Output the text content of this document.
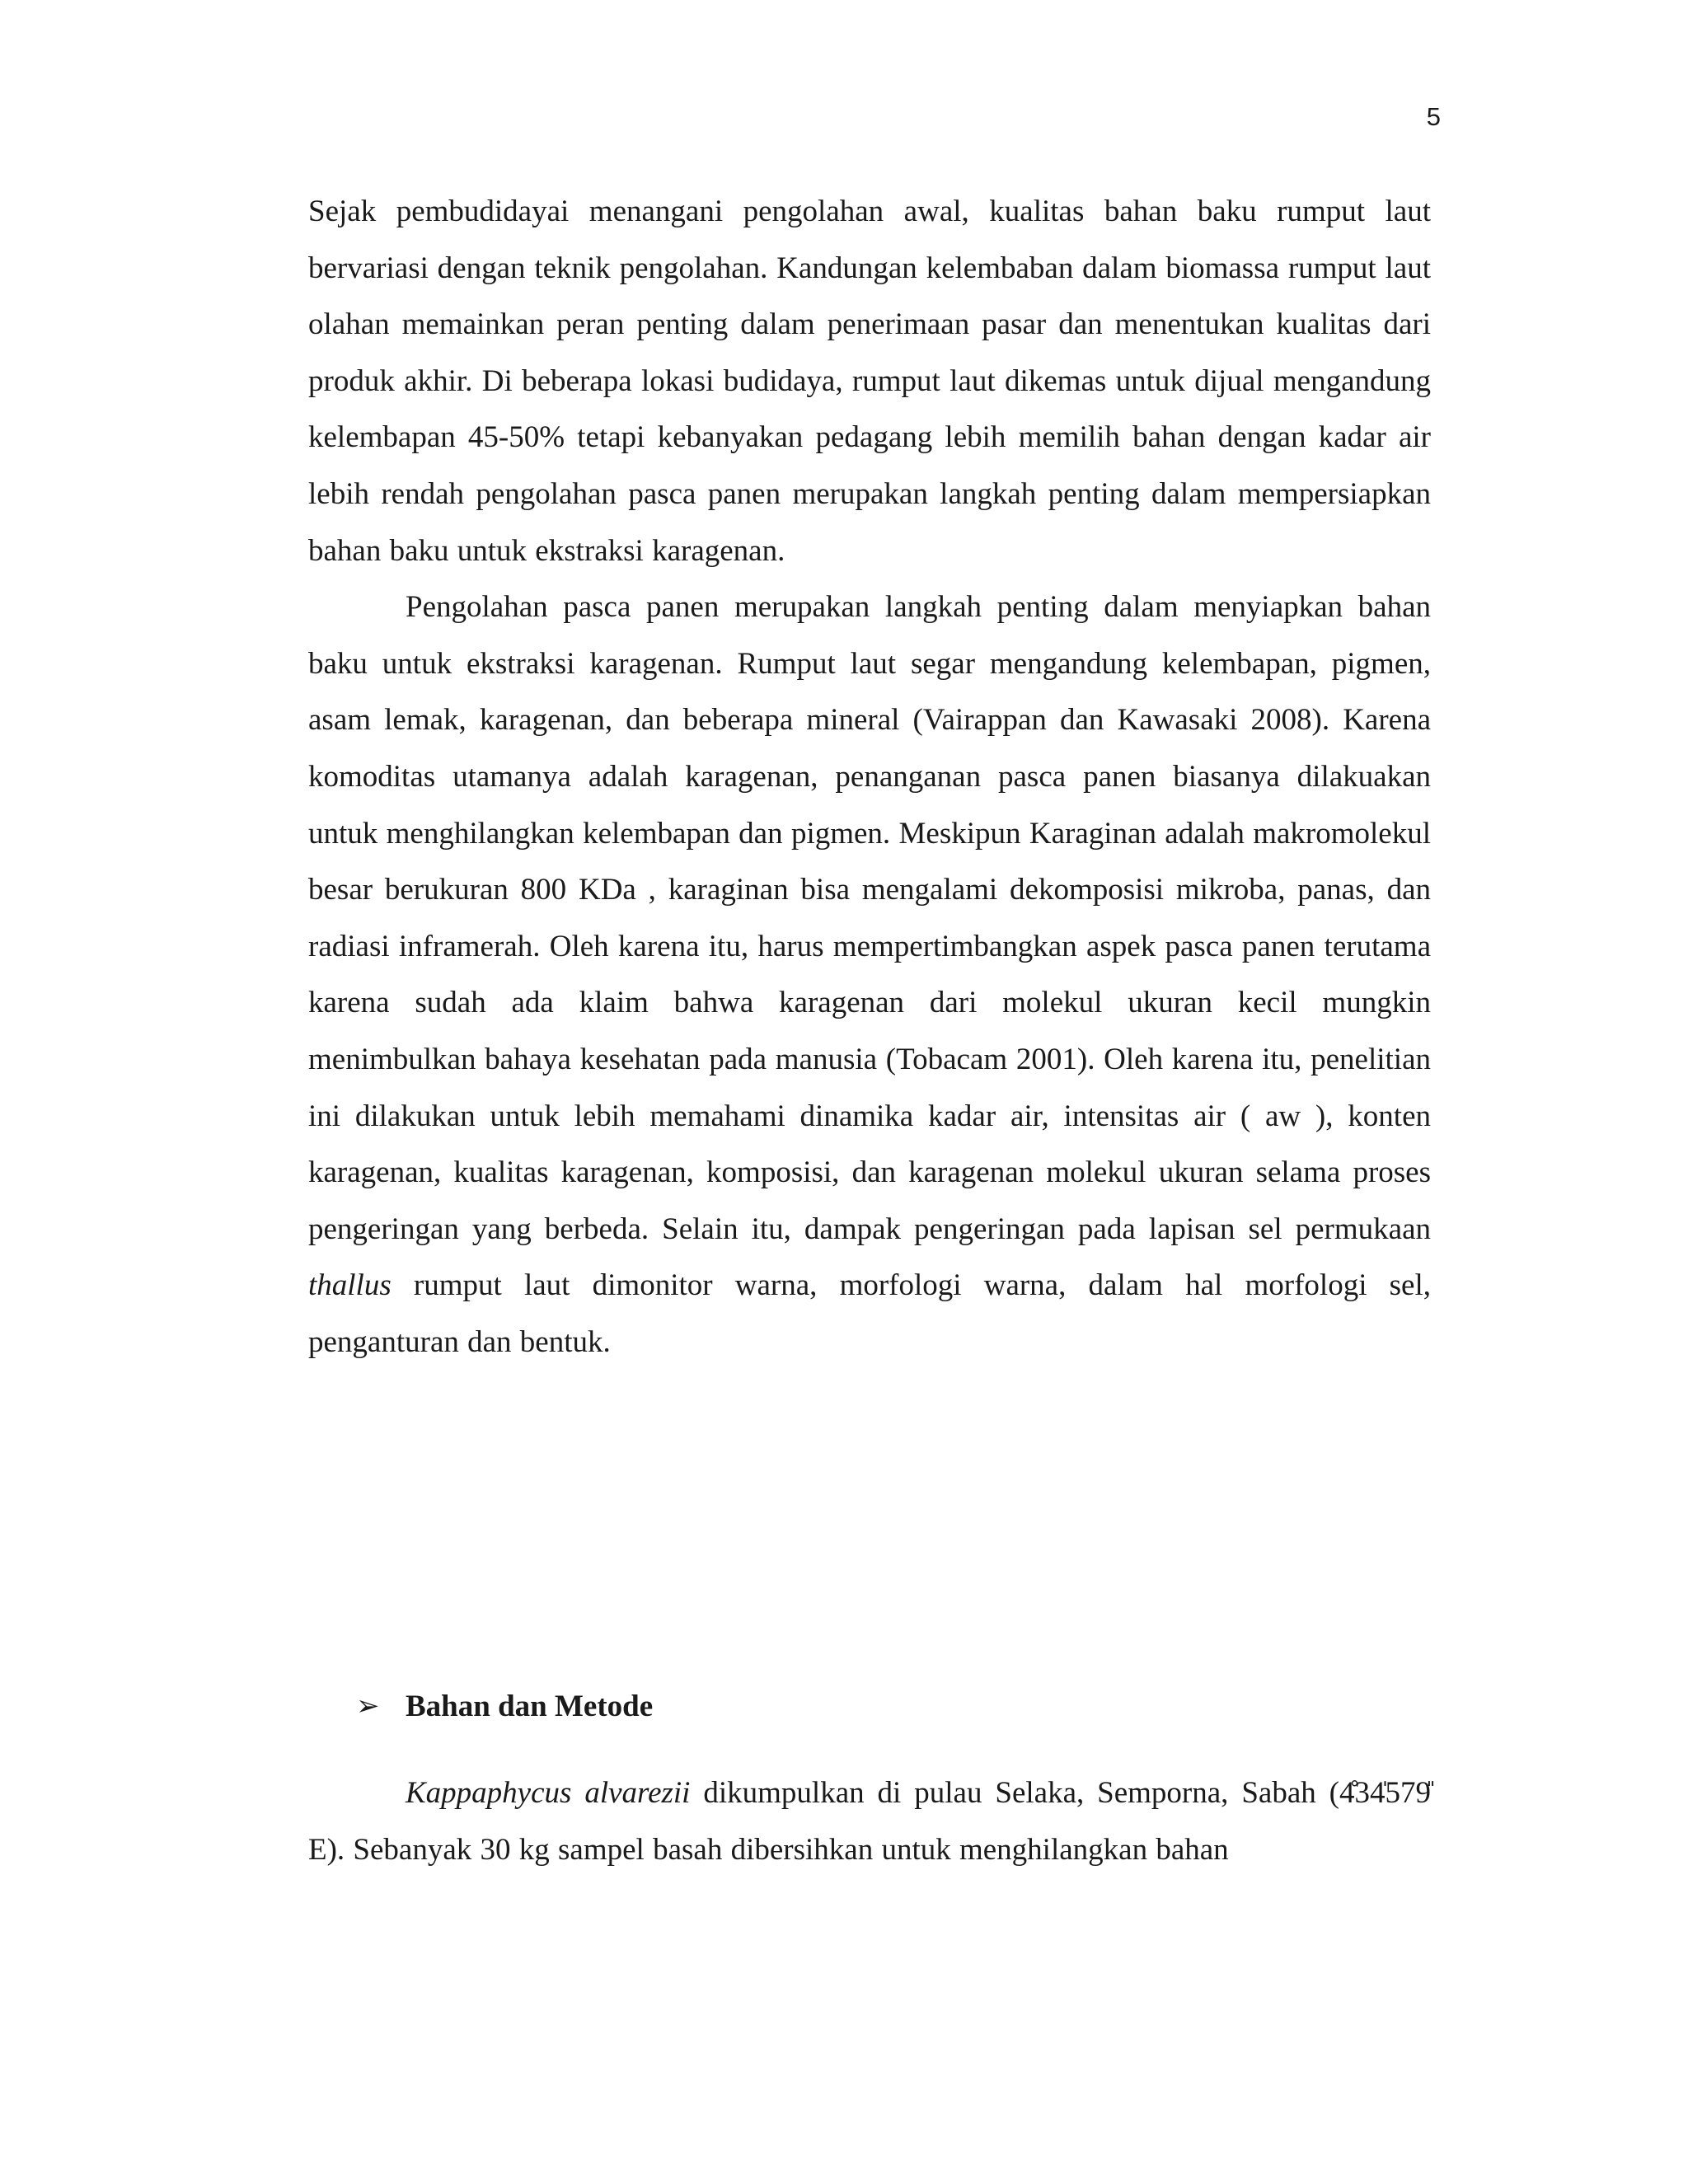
5

Sejak pembudidayai menangani pengolahan awal, kualitas bahan baku rumput laut bervariasi dengan teknik pengolahan. Kandungan kelembaban dalam biomassa rumput laut olahan memainkan peran penting dalam penerimaan pasar dan menentukan kualitas dari produk akhir. Di beberapa lokasi budidaya, rumput laut dikemas untuk dijual mengandung kelembapan 45-50% tetapi kebanyakan pedagang lebih memilih bahan dengan kadar air lebih rendah pengolahan pasca panen merupakan langkah penting dalam mempersiapkan bahan baku untuk ekstraksi karagenan.

Pengolahan pasca panen merupakan langkah penting dalam menyiapkan bahan baku untuk ekstraksi karagenan. Rumput laut segar mengandung kelembapan, pigmen, asam lemak, karagenan, dan beberapa mineral (Vairappan dan Kawasaki 2008). Karena komoditas utamanya adalah karagenan, penanganan pasca panen biasanya dilakuakan untuk menghilangkan kelembapan dan pigmen. Meskipun Karaginan adalah makromolekul besar berukuran 800 KDa , karaginan bisa mengalami dekomposisi mikroba, panas, dan radiasi inframerah. Oleh karena itu, harus mempertimbangkan aspek pasca panen terutama karena sudah ada klaim bahwa karagenan dari molekul ukuran kecil mungkin menimbulkan bahaya kesehatan pada manusia (Tobacam 2001). Oleh karena itu, penelitian ini dilakukan untuk lebih memahami dinamika kadar air, intensitas air ( aw ), konten karagenan, kualitas karagenan, komposisi, dan karagenan molekul ukuran selama proses pengeringan yang berbeda. Selain itu, dampak pengeringan pada lapisan sel permukaan thallus rumput laut dimonitor warna, morfologi warna, dalam hal morfologi sel, penganturan dan bentuk.

➢ Bahan dan Metode

Kappaphycus alvarezii dikumpulkan di pulau Selaka, Semporna, Sabah (4̊34̍579̎ E). Sebanyak 30 kg sampel basah dibersihkan untuk menghilangkan bahan
